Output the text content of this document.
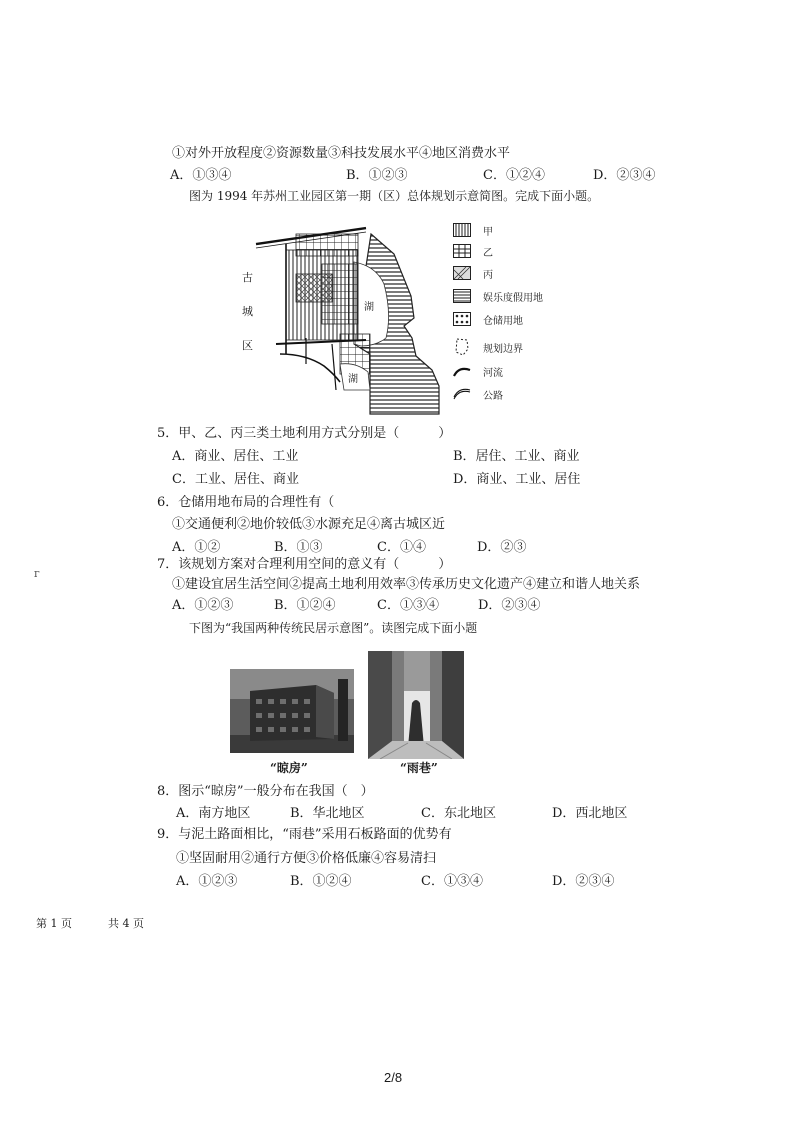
①对外开放程度②资源数量③科技发展水平④地区消费水平
A．①③④	B．①②③	C．①②④	D．②③④
图为 1994 年苏州工业园区第一期（区）总体规划示意简图。完成下面小题。
湖
湖
古
城
区
甲
乙
丙
娱乐度假用地
仓储用地
规划边界
河流
公路
5．甲、乙、丙三类土地利用方式分别是（　　　）
A．商业、居住、工业	B．居住、工业、商业
C．工业、居住、商业	D．商业、工业、居住
6．仓储用地布局的合理性有（
①交通便利②地价较低③水源充足④离古城区近
A．①②	B．①③	C．①④	D．②③
г
7．该规划方案对合理利用空间的意义有（　　　）
①建设宜居生活空间②提高土地利用效率③传承历史文化遗产④建立和谐人地关系
A．①②③	B．①②④	C．①③④	D．②③④
下图为“我国两种传统民居示意图”。读图完成下面小题
“晾房”	“雨巷”
8．图示“晾房”一般分布在我国（　）
A．南方地区	B．华北地区	C．东北地区	D．西北地区
9．与泥土路面相比，“雨巷”采用石板路面的优势有
①坚固耐用②通行方便③价格低廉④容易清扫
A．①②③	B．①②④	C．①③④	D．②③④
第 1 页	共 4 页
2/8
